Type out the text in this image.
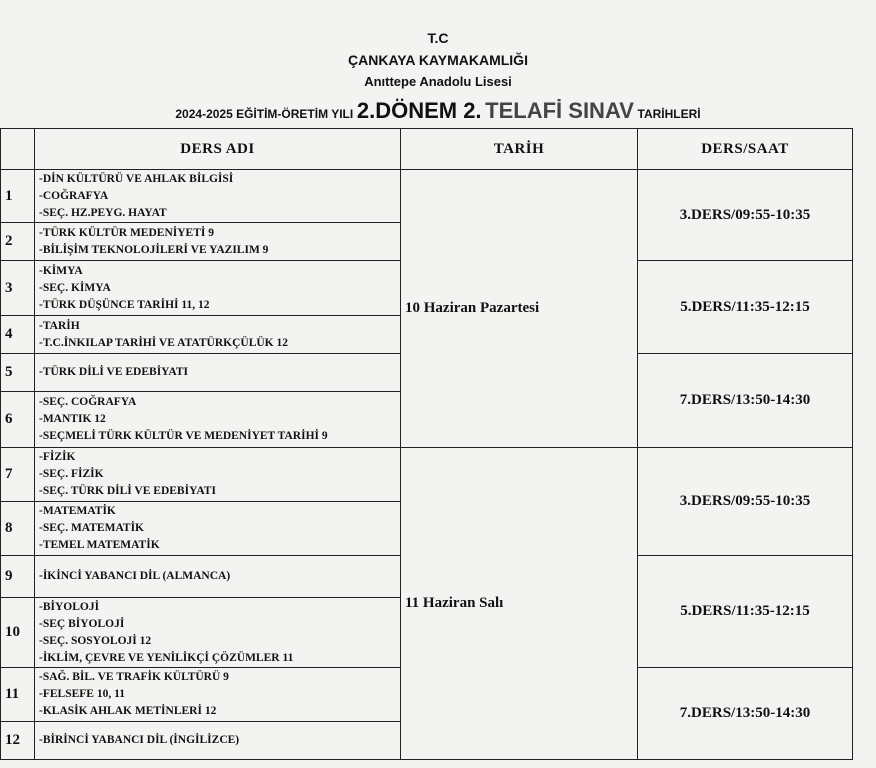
T.C
ÇANKAYA KAYMAKAMLIĞI
Anıttepe Anadolu Lisesi
2024-2025 EĞİTİM-ÖRETİM YILI 2.DÖNEM 2. TELAFİ SINAV TARİHLERİ
	DERS ADI	TARİH	DERS/SAAT
1	-DİN KÜLTÜRÜ VE AHLAK BİLGİSİ
-COĞRAFYA
-SEÇ. HZ.PEYG. HAYAT	10 Haziran Pazartesi	3.DERS/09:55-10:35
2	-TÜRK KÜLTÜR MEDENİYETİ 9
-BİLİŞİM TEKNOLOJİLERİ VE YAZILIM 9		

3	-KİMYA
-SEÇ. KİMYA
-TÜRK DÜŞÜNCE TARİHİ 11, 12		5.DERS/11:35-12:15
4	-TARİH
-T.C.İNKILAP TARİHİ VE ATATÜRKÇÜLÜK 12		

5	-TÜRK DİLİ VE EDEBİYATI		7.DERS/13:50-14:30
6	-SEÇ. COĞRAFYA
-MANTIK 12
-SEÇMELİ TÜRK KÜLTÜR VE MEDENİYET TARİHİ 9		

7	-FİZİK
-SEÇ. FİZİK
-SEÇ. TÜRK DİLİ VE EDEBİYATI	11 Haziran Salı	3.DERS/09:55-10:35
8	-MATEMATİK
-SEÇ. MATEMATİK
-TEMEL MATEMATİK		

9	-İKİNCİ YABANCI DİL (ALMANCA)		5.DERS/11:35-12:15
10	-BİYOLOJİ
-SEÇ BİYOLOJİ
-SEÇ. SOSYOLOJİ 12
-İKLİM, ÇEVRE VE YENİLİKÇİ ÇÖZÜMLER 11		

11	-SAĞ. BİL. VE TRAFİK KÜLTÜRÜ 9
-FELSEFE 10, 11
-KLASİK AHLAK METİNLERİ 12		7.DERS/13:50-14:30
12	-BİRİNCİ YABANCI DİL (İNGİLİZCE)		
